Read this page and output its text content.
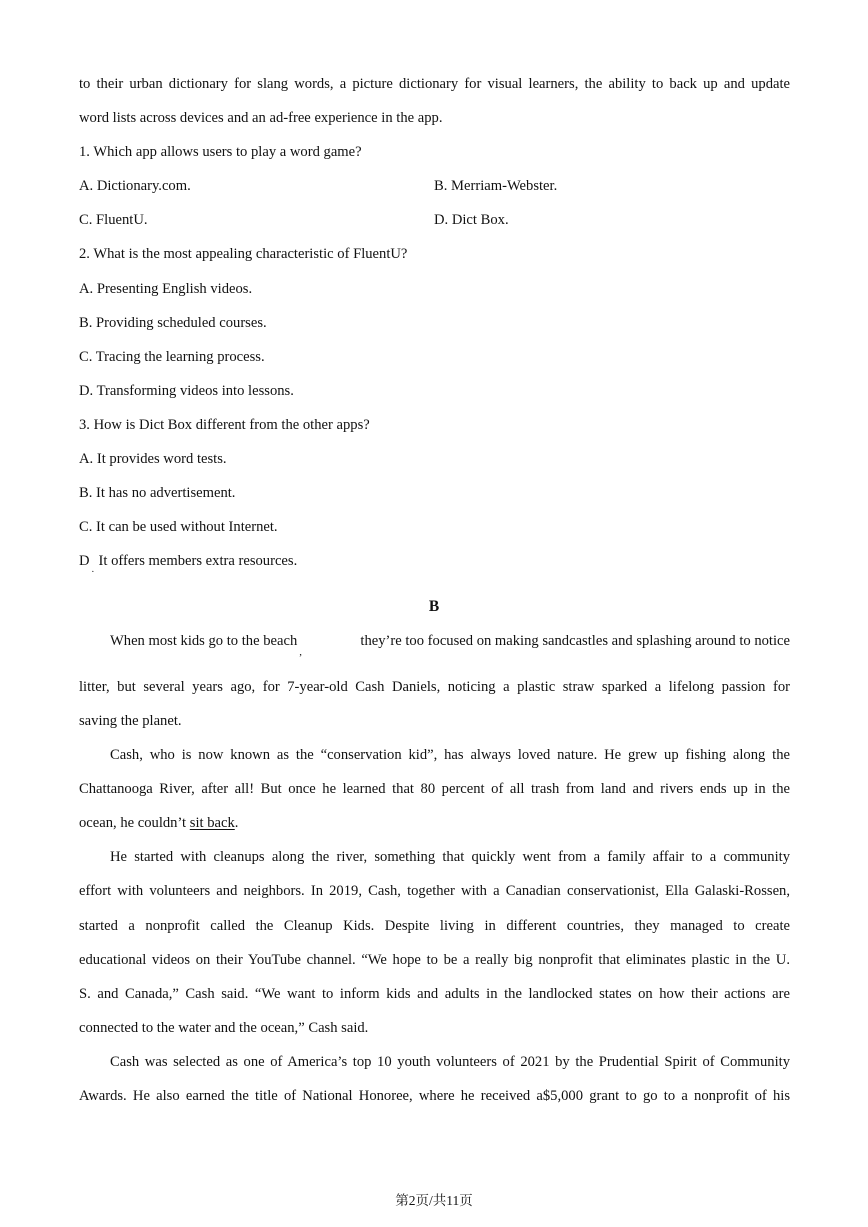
to their urban dictionary for slang words, a picture dictionary for visual learners, the ability to back up and update
word lists across devices and an ad-free experience in the app.
1. Which app allows users to play a word game?
A. Dictionary.com.	B. Merriam-Webster.
C. FluentU.	D. Dict Box.
2. What is the most appealing characteristic of FluentU?
A. Presenting English videos.
B. Providing scheduled courses.
C. Tracing the learning process.
D. Transforming videos into lessons.
3. How is Dict Box different from the other apps?
A. It provides word tests.
B. It has no advertisement.
C. It can be used without Internet.
D It offers members extra resources.
·
B
When most kids go to the beach$_,$
they’re too focused on making sandcastles and splashing around to notice
litter, but several years ago, for 7-year-old Cash Daniels, noticing a plastic straw sparked a lifelong passion for
saving the planet.
Cash, who is now known as the “conservation kid”, has always loved nature. He grew up fishing along the
Chattanooga River, after all! But once he learned that 80 percent of all trash from land and rivers ends up in the
ocean, he couldn’t sit back.
He started with cleanups along the river, something that quickly went from a family affair to a community
effort with volunteers and neighbors. In 2019, Cash, together with a Canadian conservationist, Ella Galaski-Rossen,
started a nonprofit called the Cleanup Kids. Despite living in different countries, they managed to create
educational videos on their YouTube channel. “We hope to be a really big nonprofit that eliminates plastic in the U.
S. and Canada,” Cash said. “We want to inform kids and adults in the landlocked states on how their actions are
connected to the water and the ocean,” Cash said.
Cash was selected as one of America’s top 10 youth volunteers of 2021 by the Prudential Spirit of Community
Awards. He also earned the title of National Honoree, where he received a$5,000 grant to go to a nonprofit of his
第2页/共11页
